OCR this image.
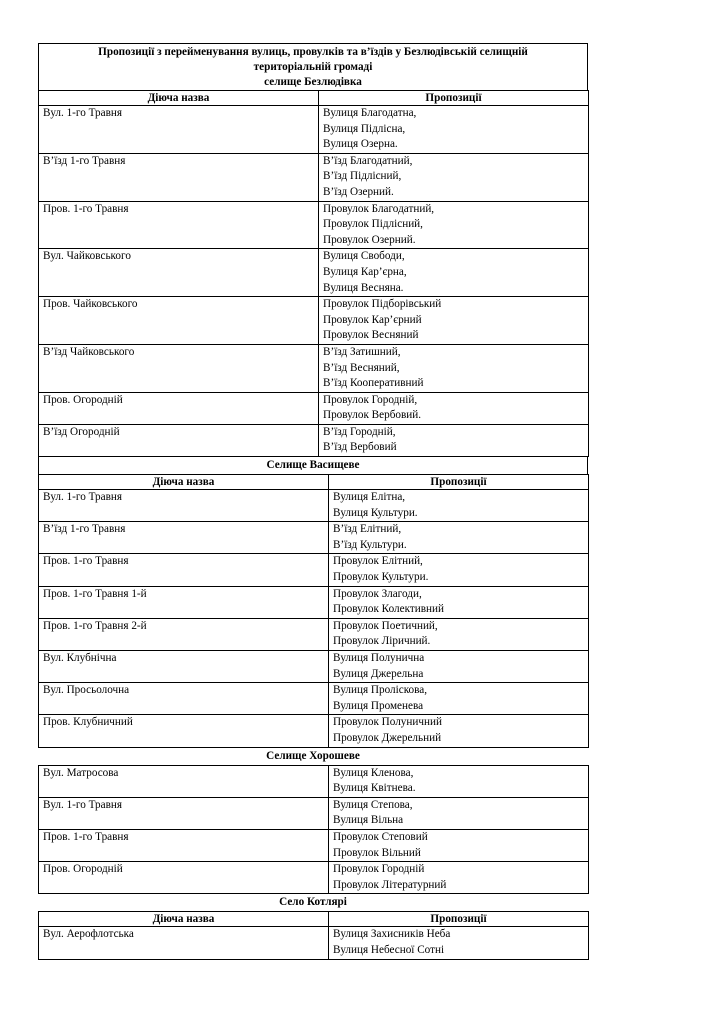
Пропозиції з перейменування вулиць, провулків та в’їздів у Безлюдівській селищній
територіальній громаді
селище Безлюдівка
Діюча назва	Пропозиції
Вул. 1-го Травня	Вулиця Благодатна,
Вулиця Підлісна,
Вулиця Озерна.

В’їзд 1-го Травня	В’їзд Благодатний,
В’їзд Підлісний,
В’їзд Озерний.

Пров. 1-го Травня	Провулок Благодатний,
Провулок Підлісний,
Провулок Озерний.

Вул. Чайковського	Вулиця Свободи,
Вулиця Кар’єрна,
Вулиця Весняна.

Пров. Чайковського	Провулок Підборівський
Провулок Кар’єрний
Провулок Весняний

В’їзд Чайковського	В’їзд Затишний,
В’їзд Весняний,
В’їзд Кооперативний

Пров. Огородній	Провулок Городній,
Провулок Вербовий.

В’їзд Огородній	В’їзд Городній,
В’їзд Вербовий
Селище Васищеве
Діюча назва	Пропозиції
Вул. 1-го Травня	Вулиця Елітна,
Вулиця Культури.

В’їзд 1-го Травня	В’їзд Елітний,
В’їзд Культури.

Пров. 1-го Травня	Провулок Елітний,
Провулок Культури.

Пров. 1-го Травня 1-й	Провулок Злагоди,
Провулок Колективний

Пров. 1-го Травня 2-й	Провулок Поетичний,
Провулок Ліричний.

Вул. Клубнічна	Вулиця Полунична
Вулиця Джерельна

Вул. Просьолочна	Вулиця Проліскова,
Вулиця Променева

Пров. Клубничний	Провулок Полуничний
Провулок Джерельний
Селище Хорошеве
Вул. Матросова	Вулиця Кленова,
Вулиця Квітнева.

Вул. 1-го Травня	Вулиця Степова,
Вулиця Вільна

Пров. 1-го Травня	Провулок Степовий
Провулок Вільний

Пров. Огородній	Провулок Городній
Провулок Літературний
Село Котлярі
Діюча назва	Пропозиції
Вул. Аерофлотська	Вулиця Захисників Неба
Вулиця Небесної Сотні
